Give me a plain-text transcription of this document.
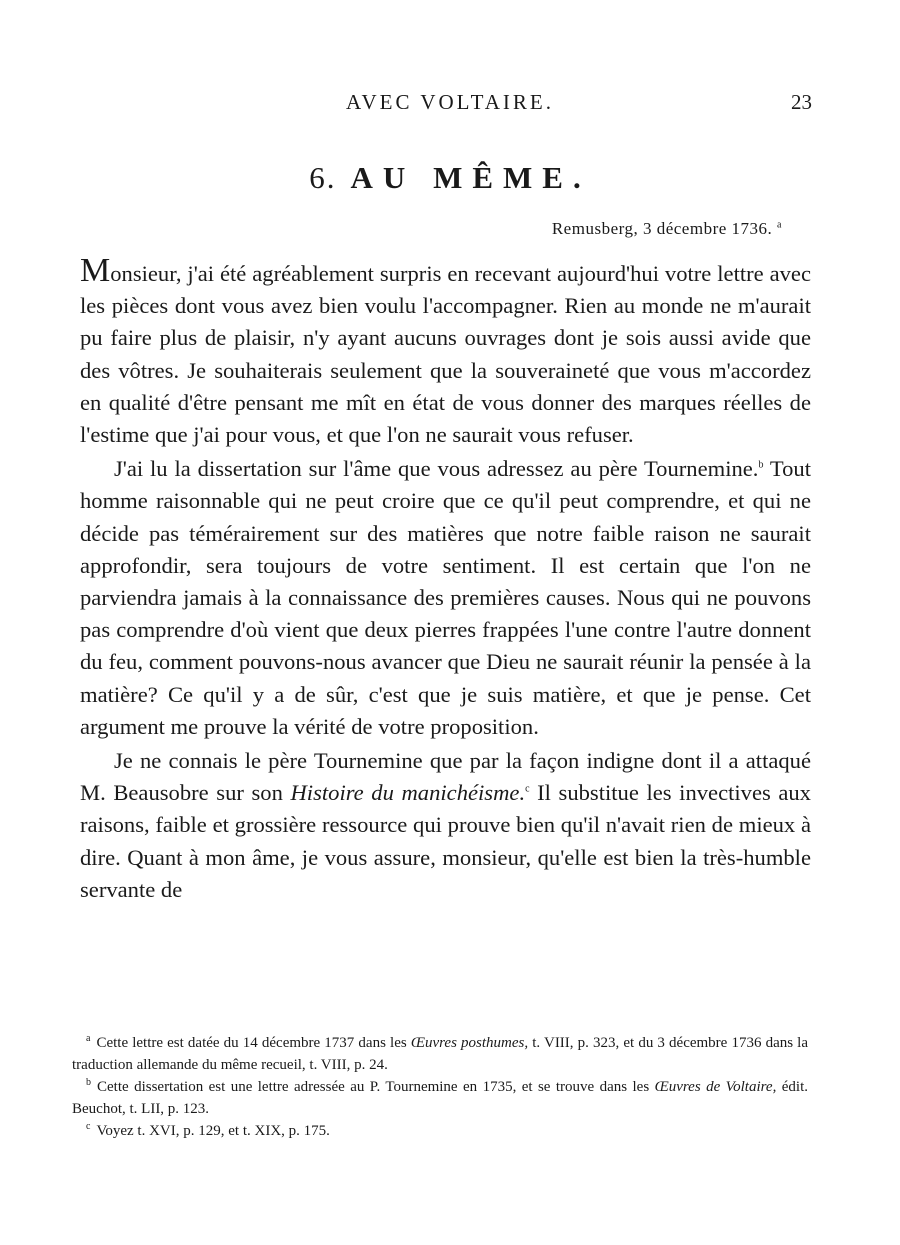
AVEC VOLTAIRE.	23
6. AU MÊME.
Remusberg, 3 décembre 1736. $^a$

Monsieur, j'ai été agréablement surpris en recevant aujourd'hui votre lettre avec les pièces dont vous avez bien voulu l'accompagner. Rien au monde ne m'aurait pu faire plus de plaisir, n'y ayant aucuns ouvrages dont je sois aussi avide que des vôtres. Je souhaiterais seulement que la souveraineté que vous m'accordez en qualité d'être pensant me mît en état de vous donner des marques réelles de l'estime que j'ai pour vous, et que l'on ne saurait vous refuser.

J'ai lu la dissertation sur l'âme que vous adressez au père Tournemine.$^b$ Tout homme raisonnable qui ne peut croire que ce qu'il peut comprendre, et qui ne décide pas témérairement sur des matières que notre faible raison ne saurait approfondir, sera toujours de votre sentiment. Il est certain que l'on ne parviendra jamais à la connaissance des premières causes. Nous qui ne pouvons pas comprendre d'où vient que deux pierres frappées l'une contre l'autre donnent du feu, comment pouvons-nous avancer que Dieu ne saurait réunir la pensée à la matière? Ce qu'il y a de sûr, c'est que je suis matière, et que je pense. Cet argument me prouve la vérité de votre proposition.

Je ne connais le père Tournemine que par la façon indigne dont il a attaqué M. Beausobre sur son Histoire du manichéisme.$^c$ Il substitue les invectives aux raisons, faible et grossière ressource qui prouve bien qu'il n'avait rien de mieux à dire. Quant à mon âme, je vous assure, monsieur, qu'elle est bien la très-humble servante de

$^a$ Cette lettre est datée du 14 décembre 1737 dans les Œuvres posthumes, t. VIII, p. 323, et du 3 décembre 1736 dans la traduction allemande du même recueil, t. VIII, p. 24.

$^b$ Cette dissertation est une lettre adressée au P. Tournemine en 1735, et se trouve dans les Œuvres de Voltaire, édit. Beuchot, t. LII, p. 123.

$^c$ Voyez t. XVI, p. 129, et t. XIX, p. 175.
